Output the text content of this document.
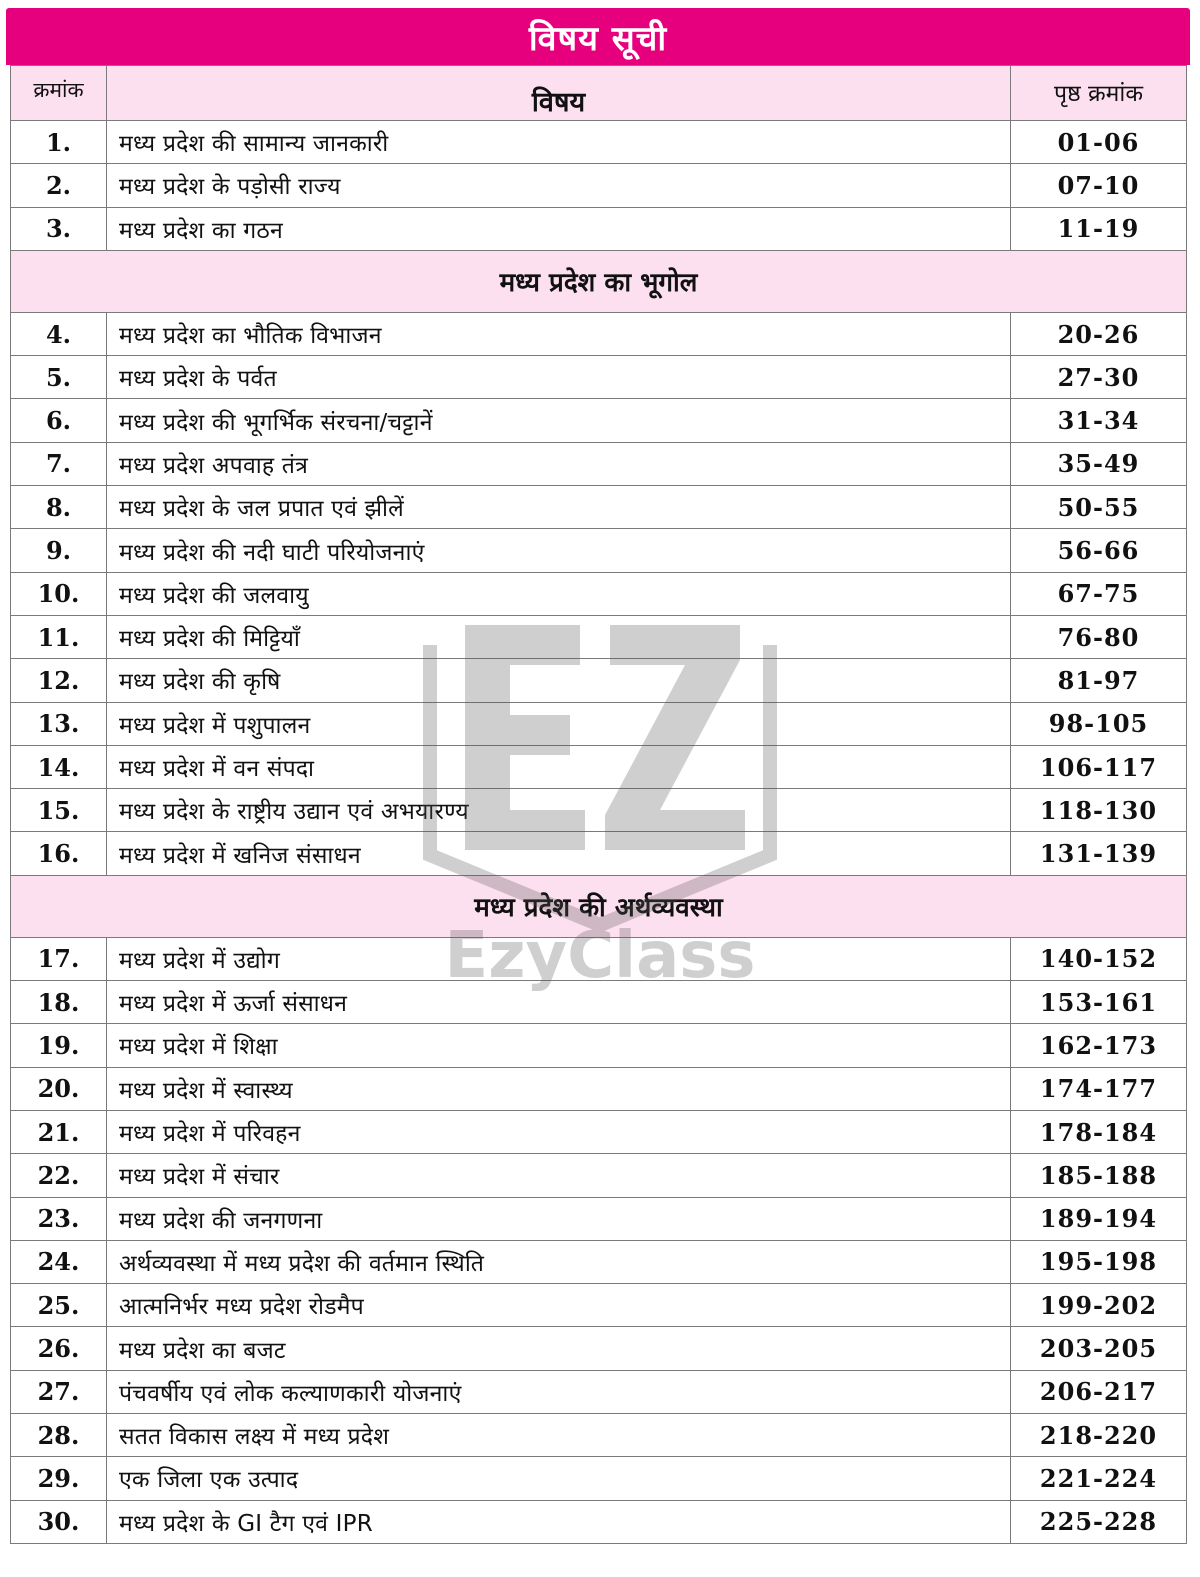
विषय सूची
क्रमांक	विषय	पृष्ठ क्रमांक
1.	मध्य प्रदेश की सामान्य जानकारी	01-06
2.	मध्य प्रदेश के पड़ोसी राज्य	07-10
3.	मध्य प्रदेश का गठन	11-19
मध्य प्रदेश का भूगोल		
4.	मध्य प्रदेश का भौतिक विभाजन	20-26
5.	मध्य प्रदेश के पर्वत	27-30
6.	मध्य प्रदेश की भूगर्भिक संरचना/चट्टानें	31-34
7.	मध्य प्रदेश अपवाह तंत्र	35-49
8.	मध्य प्रदेश के जल प्रपात एवं झीलें	50-55
9.	मध्य प्रदेश की नदी घाटी परियोजनाएं	56-66
10.	मध्य प्रदेश की जलवायु	67-75
11.	मध्य प्रदेश की मिट्टियाँ	76-80
12.	मध्य प्रदेश की कृषि	81-97
13.	मध्य प्रदेश में पशुपालन	98-105
14.	मध्य प्रदेश में वन संपदा	106-117
15.	मध्य प्रदेश के राष्ट्रीय उद्यान एवं अभयारण्य	118-130
16.	मध्य प्रदेश में खनिज संसाधन	131-139
मध्य प्रदेश की अर्थव्यवस्था		
17.	मध्य प्रदेश में उद्योग	140-152
18.	मध्य प्रदेश में ऊर्जा संसाधन	153-161
19.	मध्य प्रदेश में शिक्षा	162-173
20.	मध्य प्रदेश में स्वास्थ्य	174-177
21.	मध्य प्रदेश में परिवहन	178-184
22.	मध्य प्रदेश में संचार	185-188
23.	मध्य प्रदेश की जनगणना	189-194
24.	अर्थव्यवस्था में मध्य प्रदेश की वर्तमान स्थिति	195-198
25.	आत्मनिर्भर मध्य प्रदेश रोडमैप	199-202
26.	मध्य प्रदेश का बजट	203-205
27.	पंचवर्षीय एवं लोक कल्याणकारी योजनाएं	206-217
28.	सतत विकास लक्ष्य में मध्य प्रदेश	218-220
29.	एक जिला एक उत्पाद	221-224
30.	मध्य प्रदेश के GI टैग एवं IPR	225-228
EzyClass
